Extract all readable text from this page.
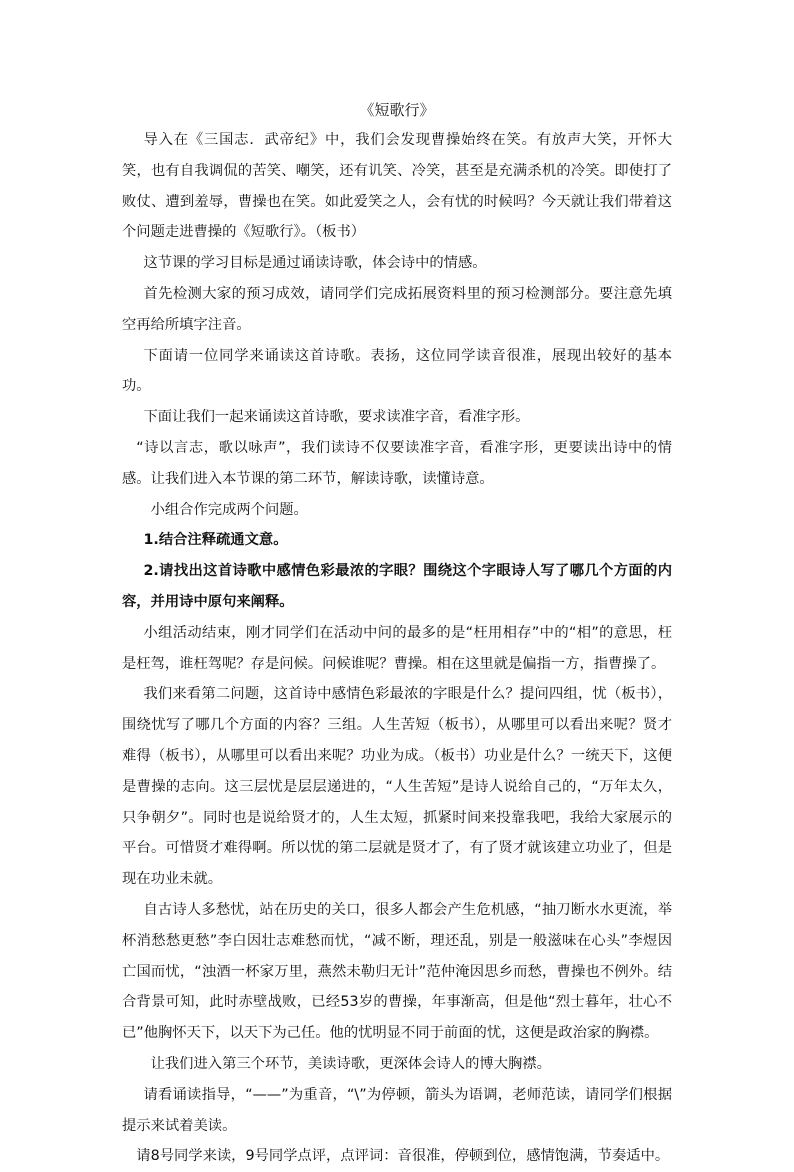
《短歌行》

导入在《三国志．武帝纪》中，我们会发现曹操始终在笑。有放声大笑，开怀大笑，也有自我调侃的苦笑、嘲笑，还有讥笑、冷笑，甚至是充满杀机的冷笑。即使打了败仗、遭到羞辱，曹操也在笑。如此爱笑之人，会有忧的时候吗？今天就让我们带着这个问题走进曹操的《短歌行》。（板书）

这节课的学习目标是通过诵读诗歌，体会诗中的情感。

首先检测大家的预习成效，请同学们完成拓展资料里的预习检测部分。要注意先填空再给所填字注音。

下面请一位同学来诵读这首诗歌。表扬，这位同学读音很准，展现出较好的基本功。

下面让我们一起来诵读这首诗歌，要求读准字音，看准字形。

“诗以言志，歌以咏声”，我们读诗不仅要读准字音，看准字形，更要读出诗中的情感。让我们进入本节课的第二环节，解读诗歌，读懂诗意。

小组合作完成两个问题。

1.结合注释疏通文意。

2.请找出这首诗歌中感情色彩最浓的字眼？围绕这个字眼诗人写了哪几个方面的内容，并用诗中原句来阐释。

小组活动结束，刚才同学们在活动中问的最多的是“枉用相存”中的“相”的意思，枉是枉驾，谁枉驾呢？存是问候。问候谁呢？曹操。相在这里就是偏指一方，指曹操了。

我们来看第二问题，这首诗中感情色彩最浓的字眼是什么？提问四组，忧（板书），围绕忧写了哪几个方面的内容？三组。人生苦短（板书），从哪里可以看出来呢？贤才难得（板书），从哪里可以看出来呢？功业为成。（板书）功业是什么？一统天下，这便是曹操的志向。这三层忧是层层递进的，“人生苦短”是诗人说给自己的，“万年太久，只争朝夕”。同时也是说给贤才的，人生太短，抓紧时间来投靠我吧，我给大家展示的平台。可惜贤才难得啊。所以忧的第二层就是贤才了，有了贤才就该建立功业了，但是现在功业未就。

自古诗人多愁忧，站在历史的关口，很多人都会产生危机感，“抽刀断水水更流，举杯消愁愁更愁”李白因壮志难愁而忧，“减不断，理还乱，别是一般滋味在心头”李煜因亡国而忧，“浊酒一杯家万里，燕然未勒归无计”范仲淹因思乡而愁，曹操也不例外。结合背景可知，此时赤壁战败，已经53岁的曹操，年事渐高，但是他“烈士暮年，壮心不已”他胸怀天下，以天下为己任。他的忧明显不同于前面的忧，这便是政治家的胸襟。

让我们进入第三个环节，美读诗歌，更深体会诗人的博大胸襟。

请看诵读指导，“——”为重音，“\”为停顿，箭头为语调，老师范读，请同学们根据提示来试着美读。

请8号同学来读，9号同学点评，点评词：音很准，停顿到位，感情饱满，节奏适中。
